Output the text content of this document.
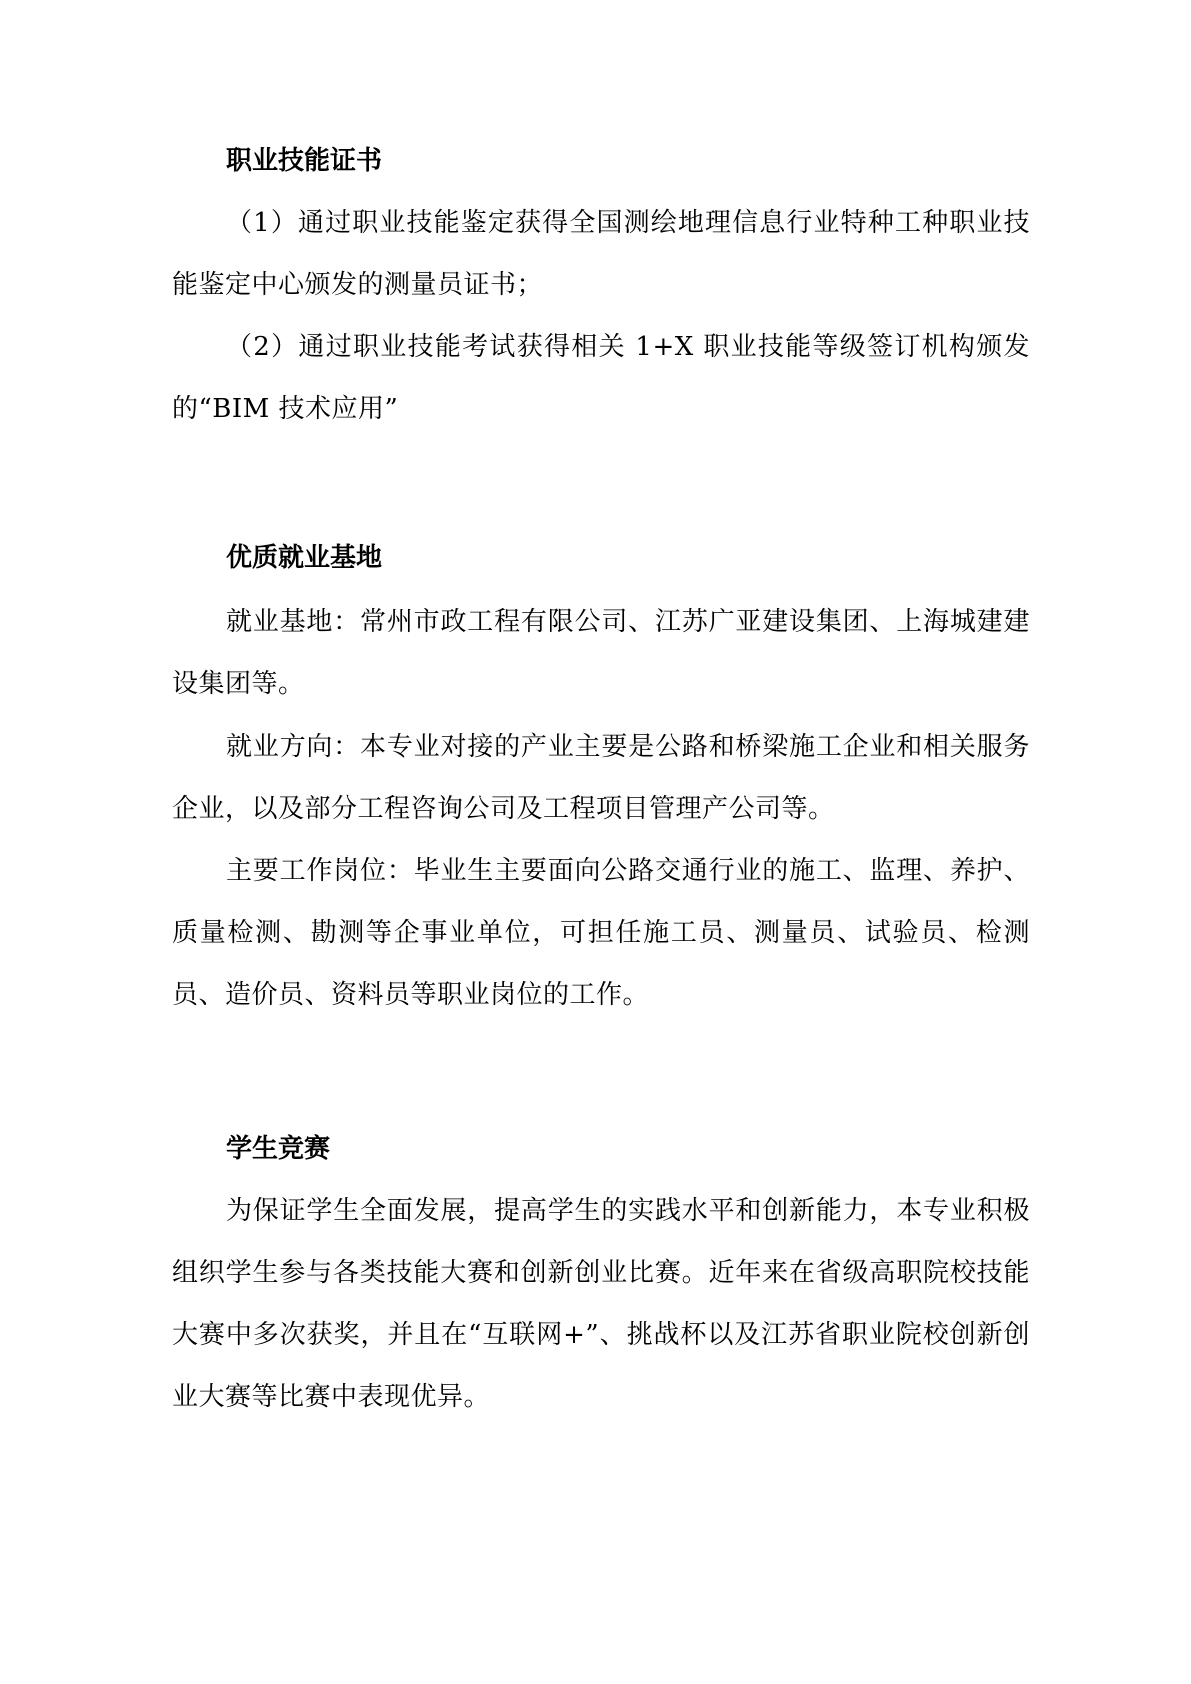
职业技能证书

（1）通过职业技能鉴定获得全国测绘地理信息行业特种工种职业技能鉴定中心颁发的测量员证书；

（2）通过职业技能考试获得相关 1+X 职业技能等级签订机构颁发的“BIM 技术应用”

优质就业基地

就业基地：常州市政工程有限公司、江苏广亚建设集团、上海城建建设集团等。

就业方向：本专业对接的产业主要是公路和桥梁施工企业和相关服务企业，以及部分工程咨询公司及工程项目管理产公司等。

主要工作岗位：毕业生主要面向公路交通行业的施工、监理、养护、质量检测、勘测等企事业单位，可担任施工员、测量员、试验员、检测员、造价员、资料员等职业岗位的工作。

学生竞赛

为保证学生全面发展，提高学生的实践水平和创新能力，本专业积极组织学生参与各类技能大赛和创新创业比赛。近年来在省级高职院校技能大赛中多次获奖，并且在“互联网+”、挑战杯以及江苏省职业院校创新创业大赛等比赛中表现优异。
